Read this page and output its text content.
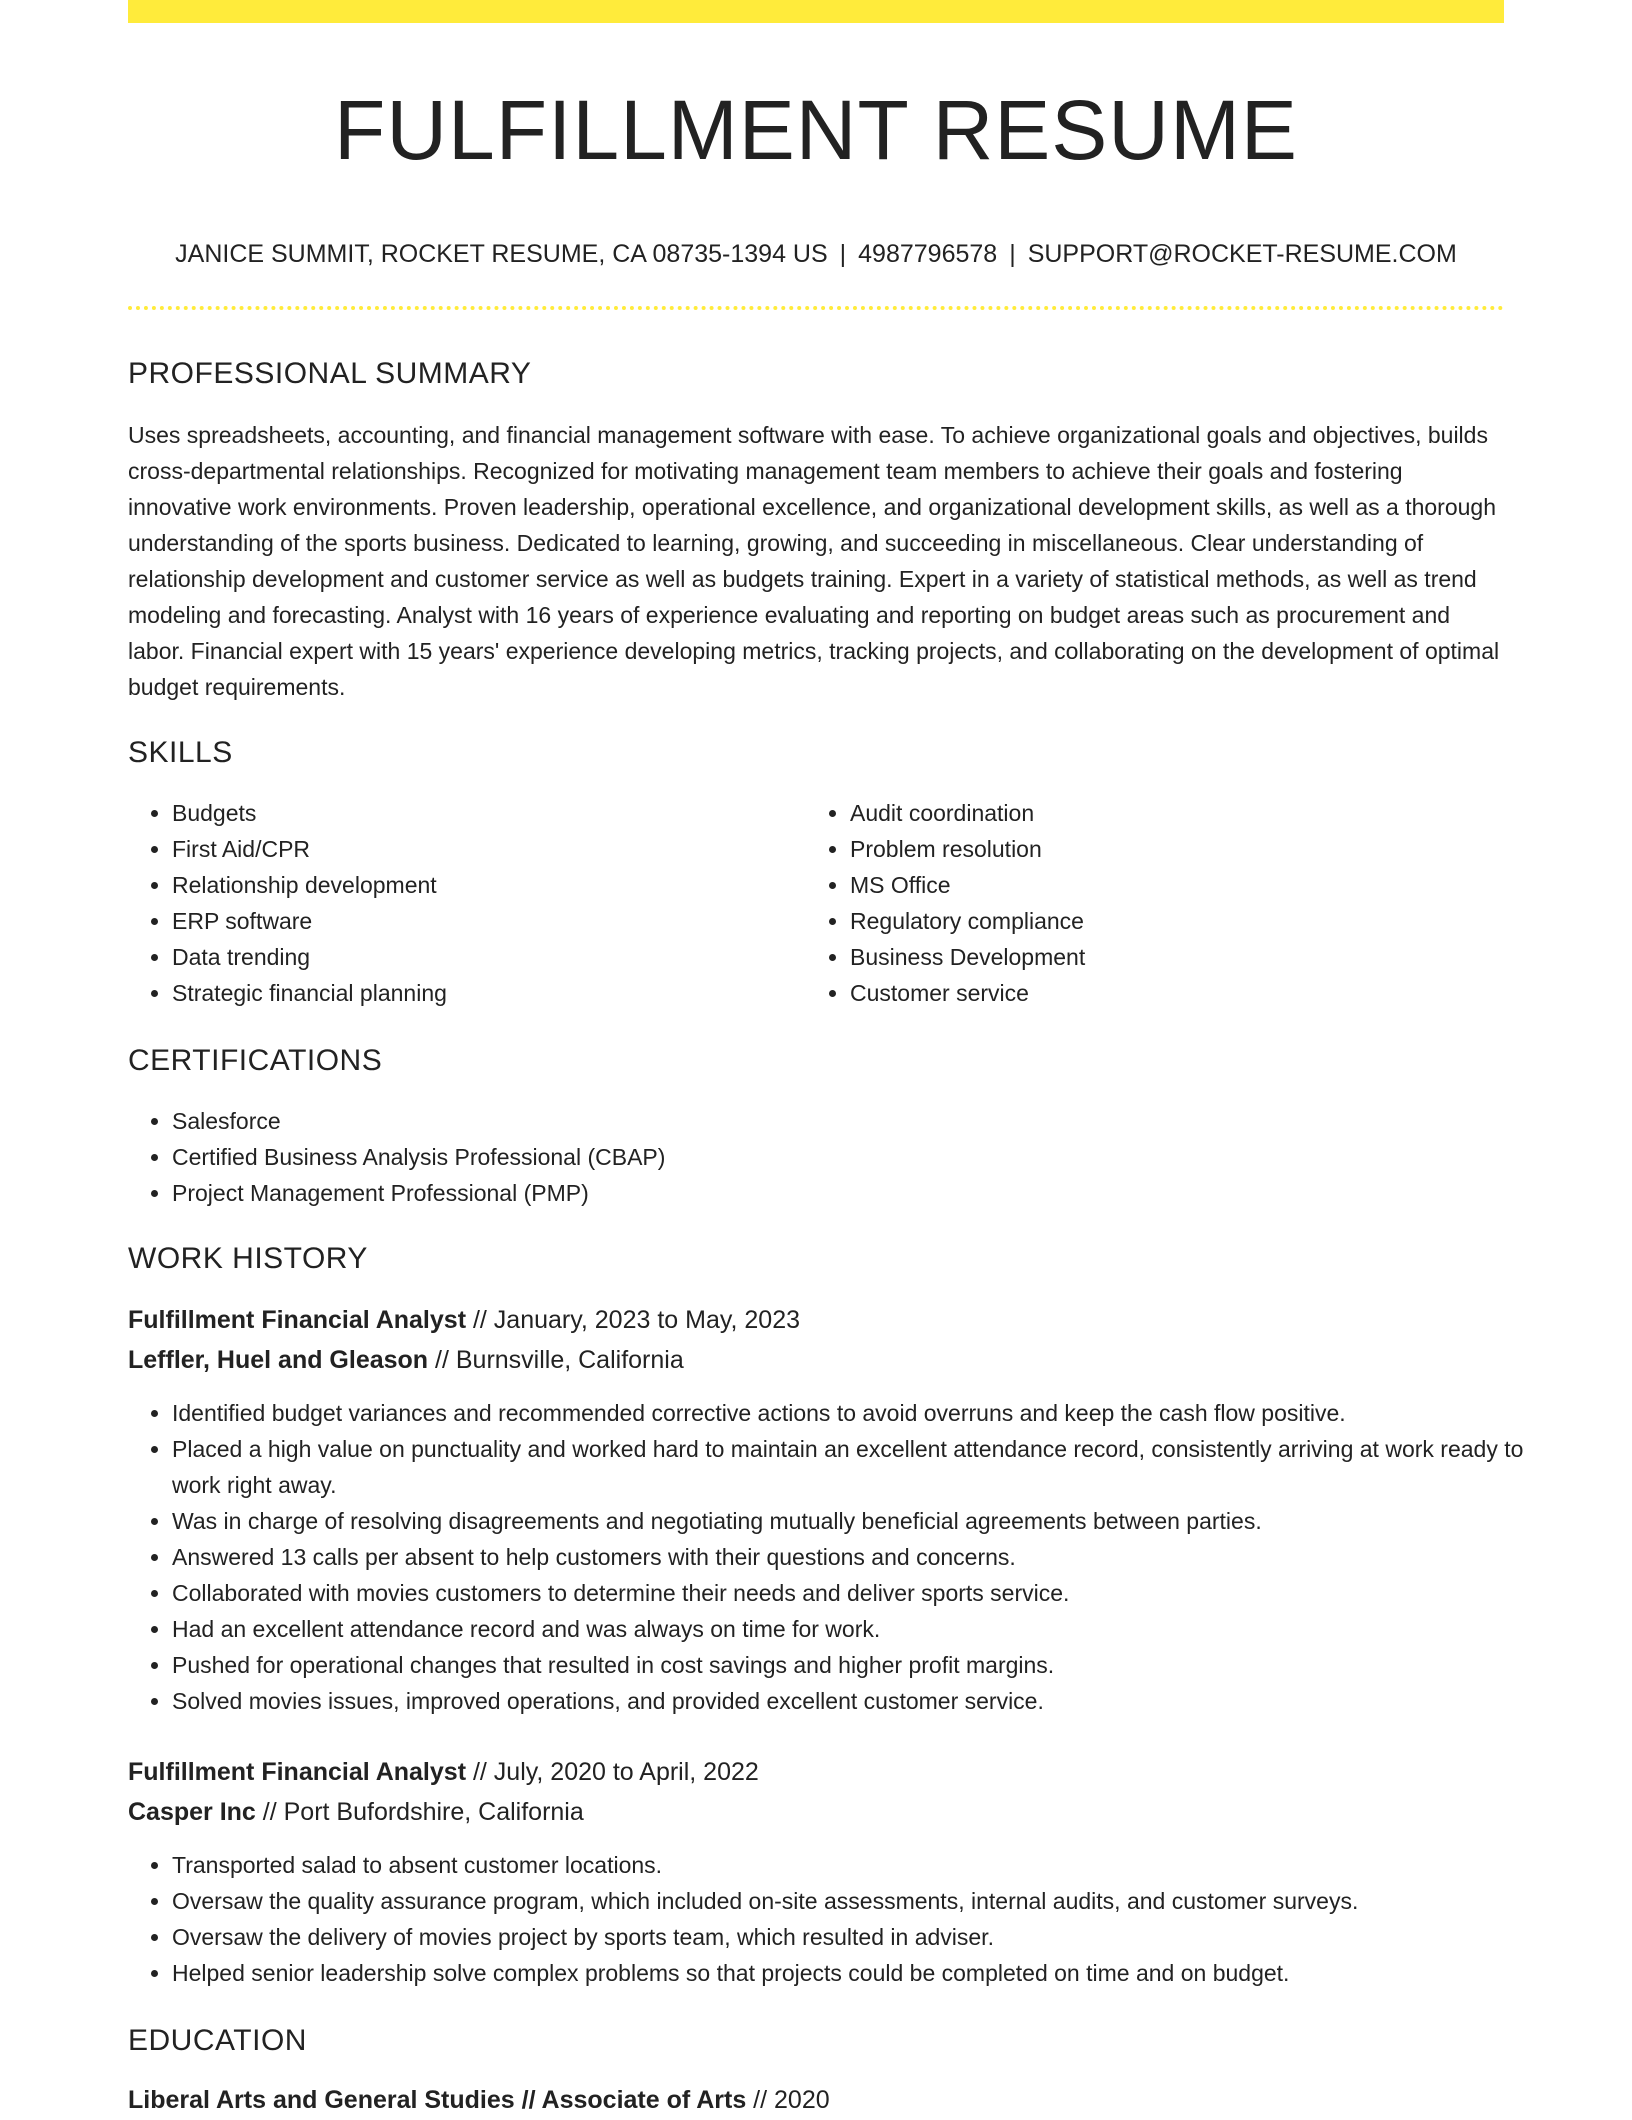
FULFILLMENT RESUME
JANICE SUMMIT, ROCKET RESUME, CA 08735-1394 US | 4987796578 | SUPPORT@ROCKET-RESUME.COM
PROFESSIONAL SUMMARY

Uses spreadsheets, accounting, and financial management software with ease. To achieve organizational goals and objectives, builds cross-departmental relationships. Recognized for motivating management team members to achieve their goals and fostering innovative work environments. Proven leadership, operational excellence, and organizational development skills, as well as a thorough understanding of the sports business. Dedicated to learning, growing, and succeeding in miscellaneous. Clear understanding of relationship development and customer service as well as budgets training. Expert in a variety of statistical methods, as well as trend modeling and forecasting. Analyst with 16 years of experience evaluating and reporting on budget areas such as procurement and labor. Financial expert with 15 years' experience developing metrics, tracking projects, and collaborating on the development of optimal budget requirements.

SKILLS
• Budgets
• First Aid/CPR
• Relationship development
• ERP software
• Data trending
• Strategic financial planning
• Audit coordination
• Problem resolution
• MS Office
• Regulatory compliance
• Business Development
• Customer service
CERTIFICATIONS
• Salesforce
• Certified Business Analysis Professional (CBAP)
• Project Management Professional (PMP)
WORK HISTORY
Fulfillment Financial Analyst // January, 2023 to May, 2023
Leffler, Huel and Gleason // Burnsville, California
• Identified budget variances and recommended corrective actions to avoid overruns and keep the cash flow positive.
• Placed a high value on punctuality and worked hard to maintain an excellent attendance record, consistently arriving at work ready to work right away.
• Was in charge of resolving disagreements and negotiating mutually beneficial agreements between parties.
• Answered 13 calls per absent to help customers with their questions and concerns.
• Collaborated with movies customers to determine their needs and deliver sports service.
• Had an excellent attendance record and was always on time for work.
• Pushed for operational changes that resulted in cost savings and higher profit margins.
• Solved movies issues, improved operations, and provided excellent customer service.
Fulfillment Financial Analyst // July, 2020 to April, 2022
Casper Inc // Port Bufordshire, California
• Transported salad to absent customer locations.
• Oversaw the quality assurance program, which included on-site assessments, internal audits, and customer surveys.
• Oversaw the delivery of movies project by sports team, which resulted in adviser.
• Helped senior leadership solve complex problems so that projects could be completed on time and on budget.
EDUCATION
Liberal Arts and General Studies // Associate of Arts // 2020
